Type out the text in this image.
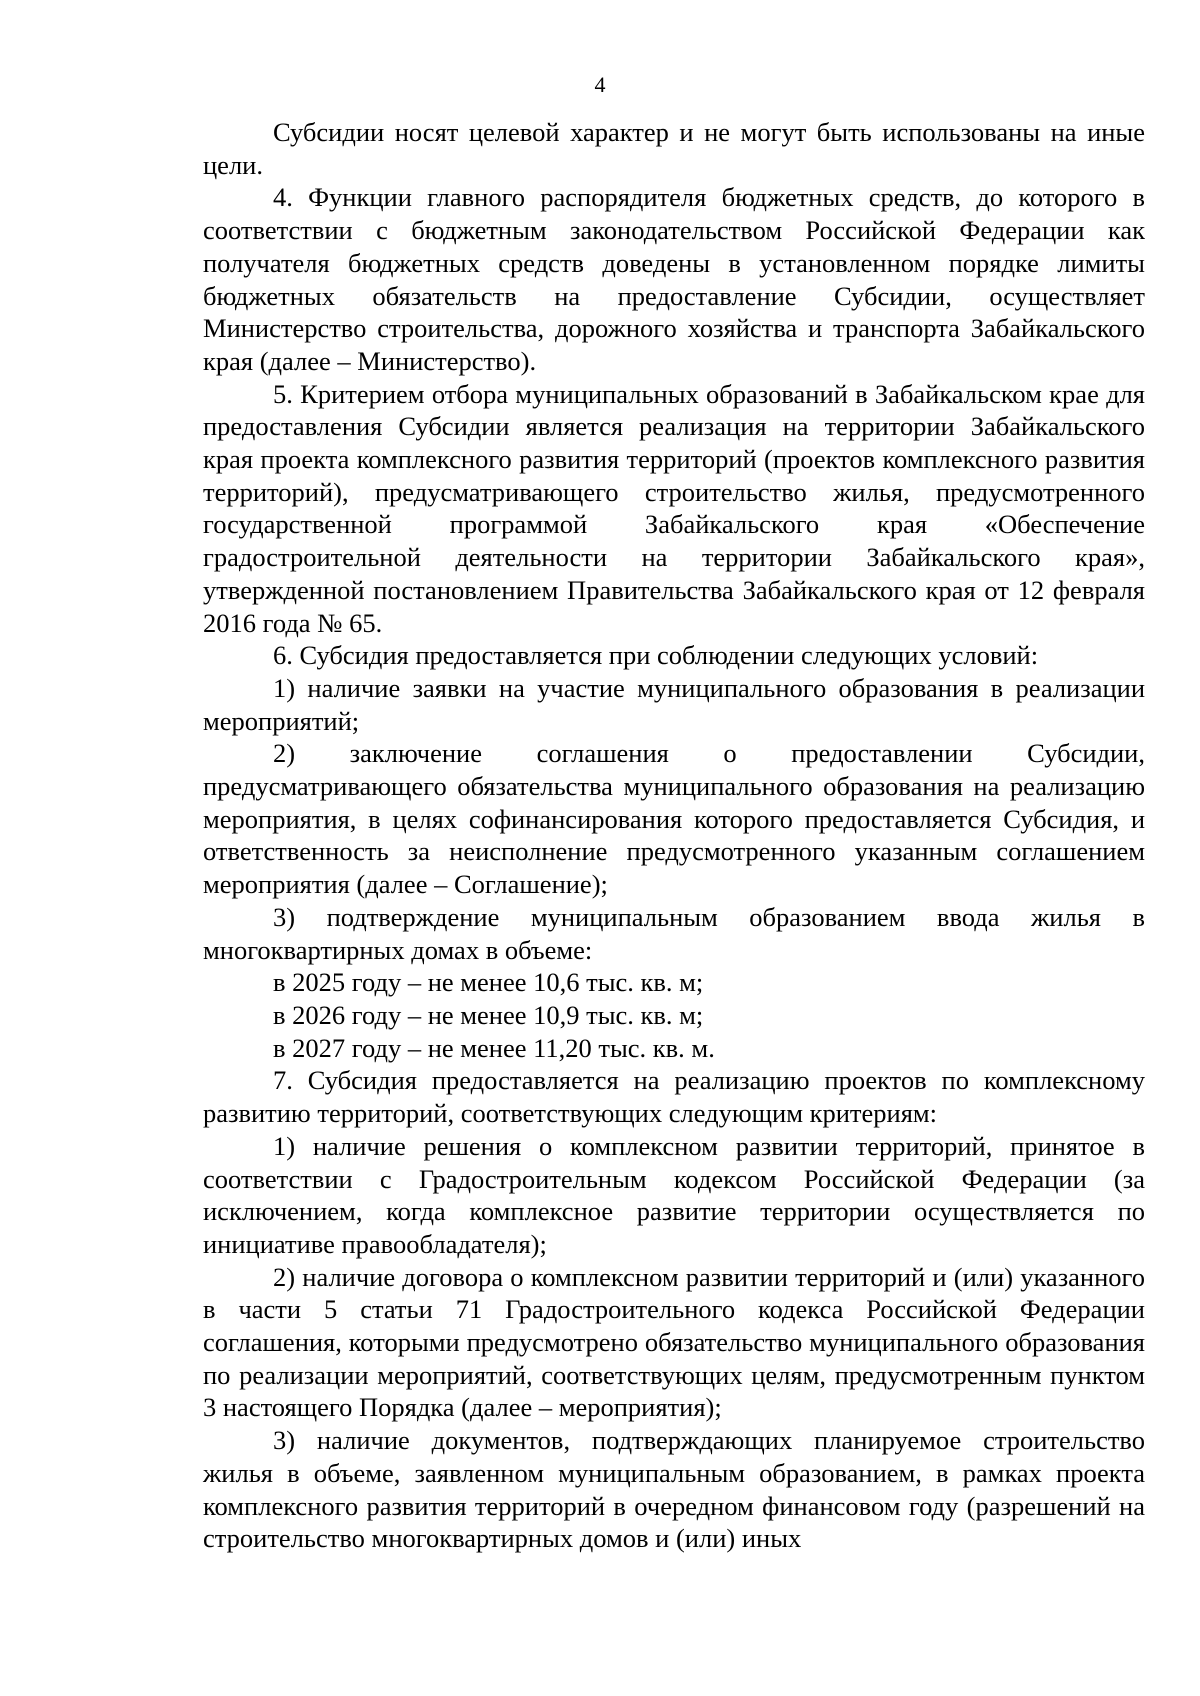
4

Субсидии носят целевой характер и не могут быть использованы на иные цели.

4. Функции главного распорядителя бюджетных средств, до которого в соответствии с бюджетным законодательством Российской Федерации как получателя бюджетных средств доведены в установленном порядке лимиты бюджетных обязательств на предоставление Субсидии, осуществляет Министерство строительства, дорожного хозяйства и транспорта Забайкальского края (далее – Министерство).

5. Критерием отбора муниципальных образований в Забайкальском крае для предоставления Субсидии является реализация на территории Забайкальского края проекта комплексного развития территорий (проектов комплексного развития территорий), предусматривающего строительство жилья, предусмотренного государственной программой Забайкальского края «Обеспечение градостроительной деятельности на территории Забайкальского края», утвержденной постановлением Правительства Забайкальского края от 12 февраля 2016 года № 65.

6. Субсидия предоставляется при соблюдении следующих условий:

1) наличие заявки на участие муниципального образования в реализации мероприятий;

2) заключение соглашения о предоставлении Субсидии, предусматривающего обязательства муниципального образования на реализацию мероприятия, в целях софинансирования которого предоставляется Субсидия, и ответственность за неисполнение предусмотренного указанным соглашением мероприятия (далее – Соглашение);

3) подтверждение муниципальным образованием ввода жилья в многоквартирных домах в объеме:

в 2025 году – не менее 10,6 тыс. кв. м;

в 2026 году – не менее 10,9 тыс. кв. м;

в 2027 году – не менее 11,20 тыс. кв. м.

7. Субсидия предоставляется на реализацию проектов по комплексному развитию территорий, соответствующих следующим критериям:

1) наличие решения о комплексном развитии территорий, принятое в соответствии с Градостроительным кодексом Российской Федерации (за исключением, когда комплексное развитие территории осуществляется по инициативе правообладателя);

2) наличие договора о комплексном развитии территорий и (или) указанного в части 5 статьи 71 Градостроительного кодекса Российской Федерации соглашения, которыми предусмотрено обязательство муниципального образования по реализации мероприятий, соответствующих целям, предусмотренным пунктом 3 настоящего Порядка (далее – мероприятия);

3) наличие документов, подтверждающих планируемое строительство жилья в объеме, заявленном муниципальным образованием, в рамках проекта комплексного развития территорий в очередном финансовом году (разрешений на строительство многоквартирных домов и (или) иных
